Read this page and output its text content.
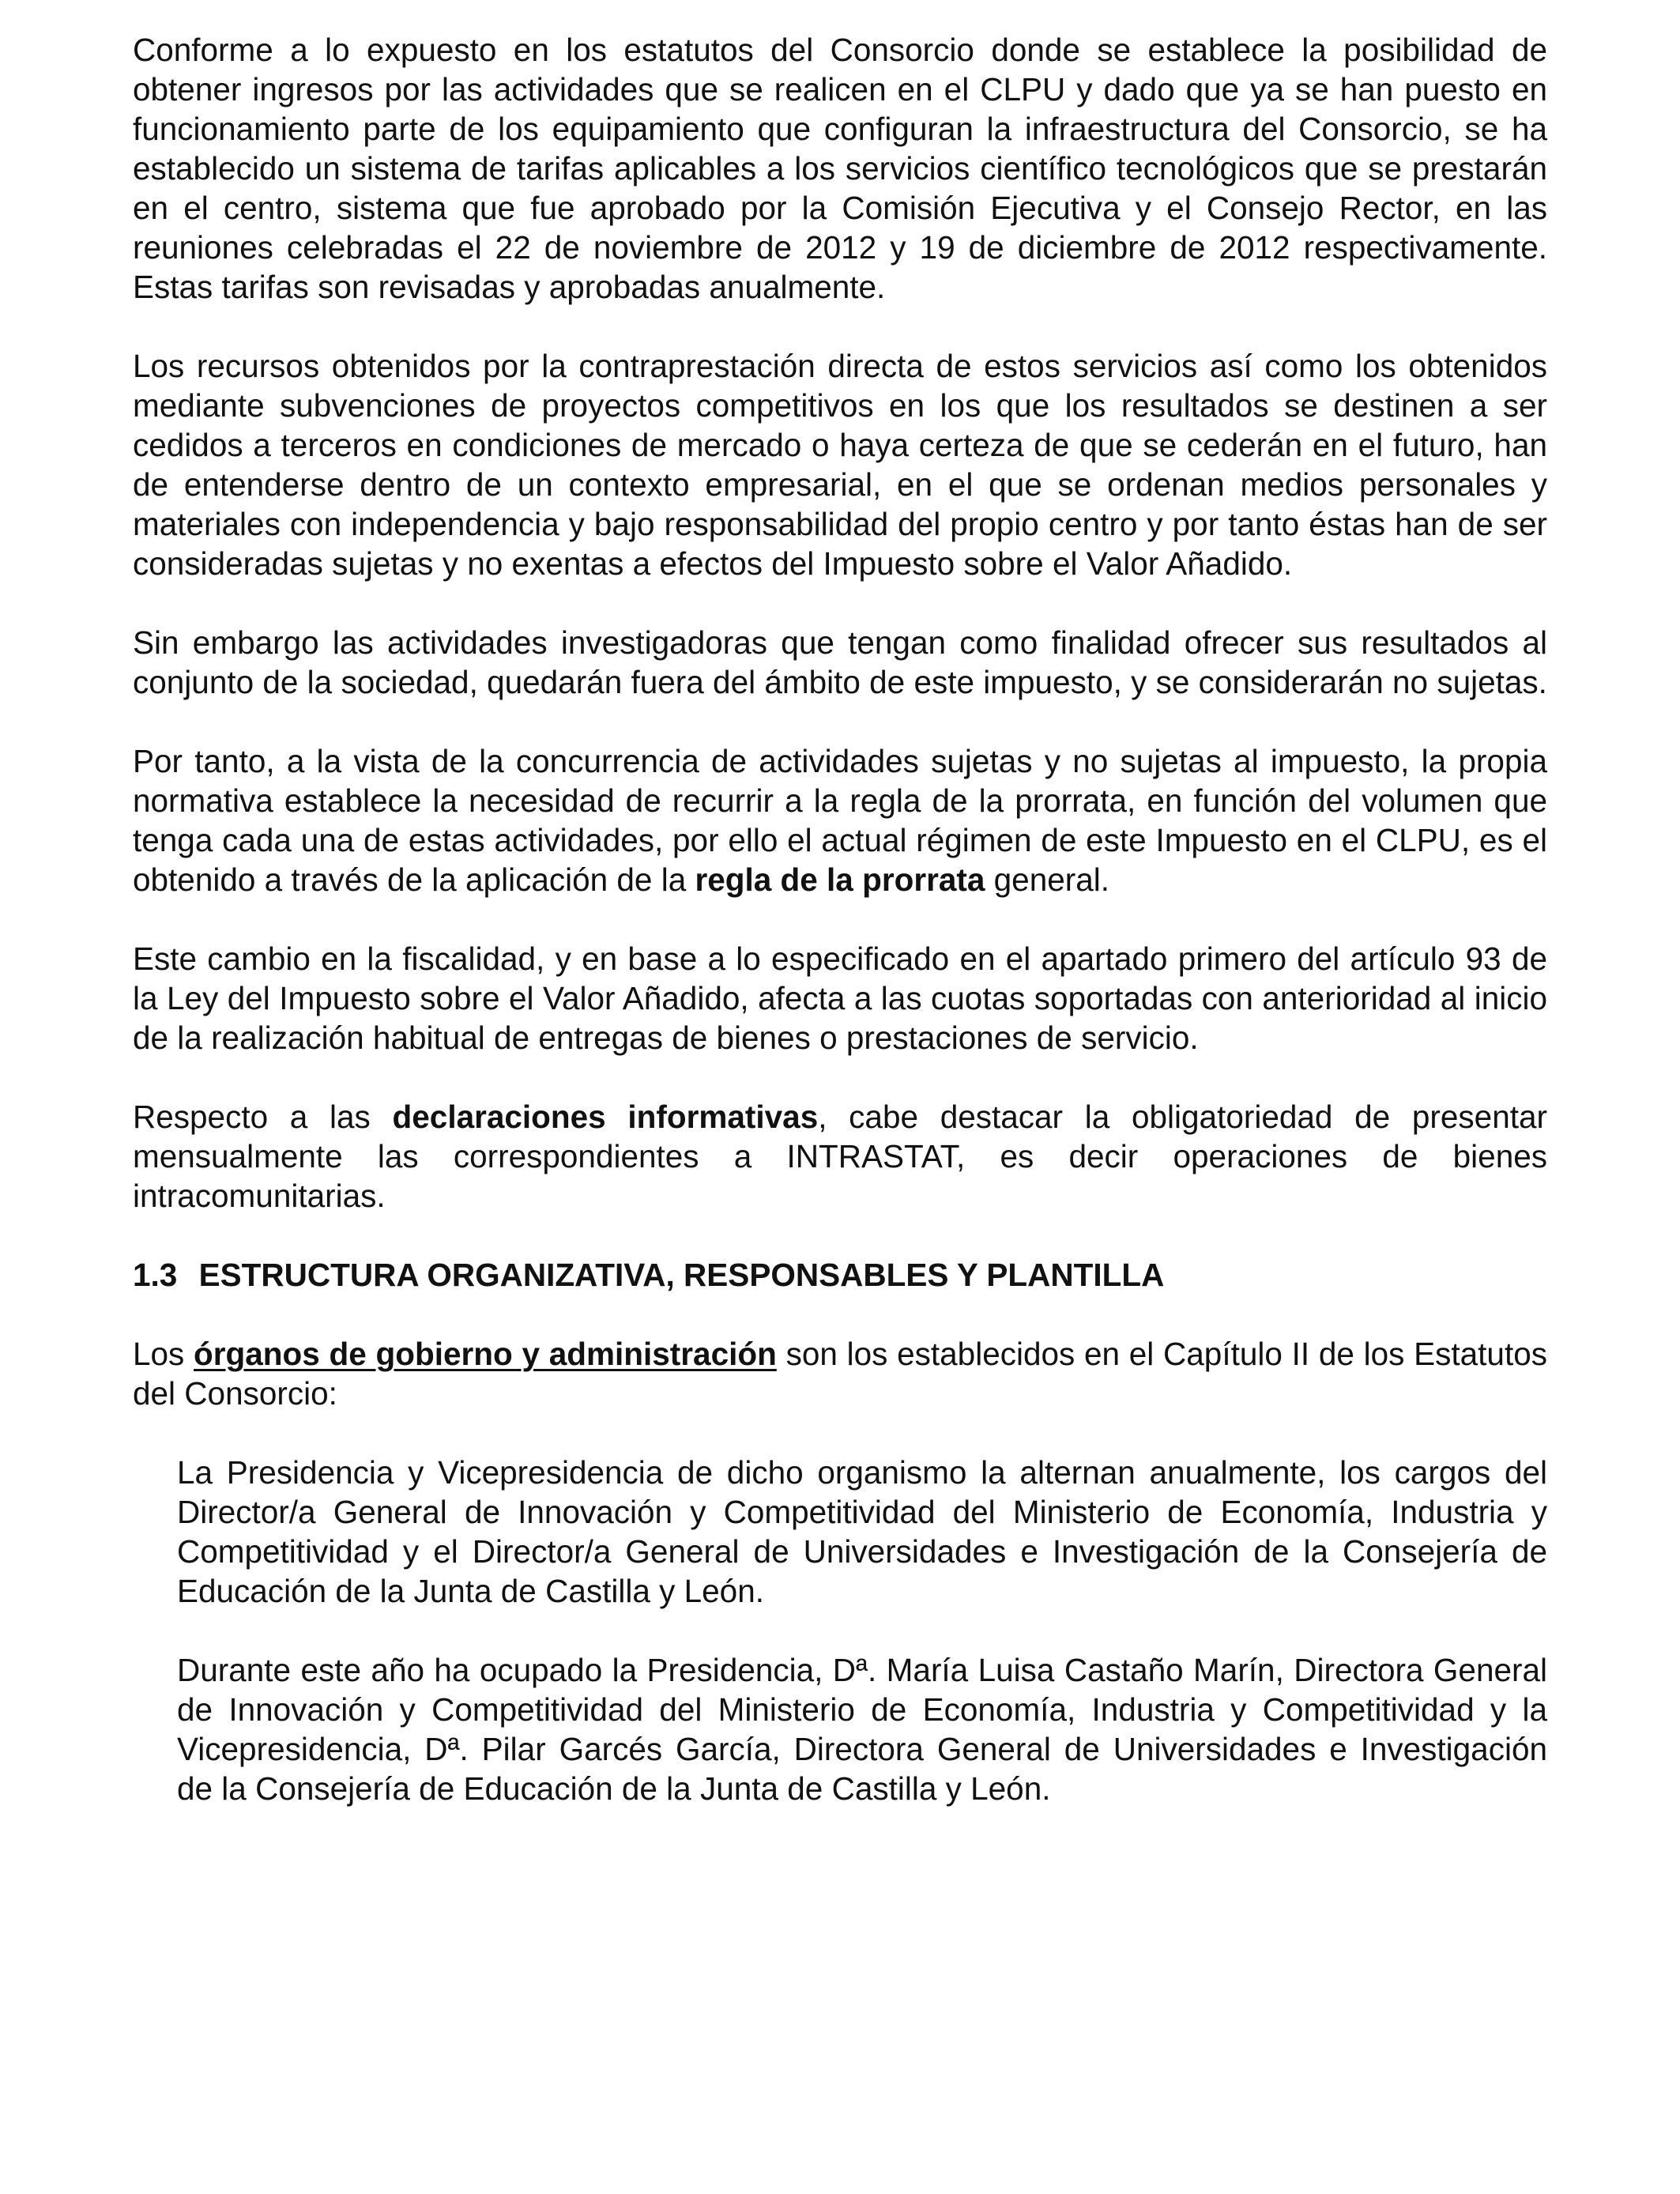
Conforme a lo expuesto en los estatutos del Consorcio donde se establece la posibilidad de obtener ingresos por las actividades que se realicen en el CLPU y dado que ya se han puesto en funcionamiento parte de los equipamiento que configuran la infraestructura del Consorcio, se ha establecido un sistema de tarifas aplicables a los servicios científico tecnológicos que se prestarán en el centro, sistema que fue aprobado por la Comisión Ejecutiva y el Consejo Rector, en las reuniones celebradas el 22 de noviembre de 2012 y 19 de diciembre de 2012 respectivamente. Estas tarifas son revisadas y aprobadas anualmente.

Los recursos obtenidos por la contraprestación directa de estos servicios así como los obtenidos mediante subvenciones de proyectos competitivos en los que los resultados se destinen a ser cedidos a terceros en condiciones de mercado o haya certeza de que se cederán en el futuro, han de entenderse dentro de un contexto empresarial, en el que se ordenan medios personales y materiales con independencia y bajo responsabilidad del propio centro y por tanto éstas han de ser consideradas sujetas y no exentas a efectos del Impuesto sobre el Valor Añadido.

Sin embargo las actividades investigadoras que tengan como finalidad ofrecer sus resultados al conjunto de la sociedad, quedarán fuera del ámbito de este impuesto, y se considerarán no sujetas.

Por tanto, a la vista de la concurrencia de actividades sujetas y no sujetas al impuesto, la propia normativa establece la necesidad de recurrir a la regla de la prorrata, en función del volumen que tenga cada una de estas actividades, por ello el actual régimen de este Impuesto en el CLPU, es el obtenido a través de la aplicación de la regla de la prorrata general.

Este cambio en la fiscalidad, y en base a lo especificado en el apartado primero del artículo 93 de la Ley del Impuesto sobre el Valor Añadido, afecta a las cuotas soportadas con anterioridad al inicio de la realización habitual de entregas de bienes o prestaciones de servicio.

Respecto a las declaraciones informativas, cabe destacar la obligatoriedad de presentar mensualmente las correspondientes a INTRASTAT, es decir operaciones de bienes intracomunitarias.

1.3 ESTRUCTURA ORGANIZATIVA, RESPONSABLES Y PLANTILLA

Los órganos de gobierno y administración son los establecidos en el Capítulo II de los Estatutos del Consorcio:

La Presidencia y Vicepresidencia de dicho organismo la alternan anualmente, los cargos del Director/a General de Innovación y Competitividad del Ministerio de Economía, Industria y Competitividad y el Director/a General de Universidades e Investigación de la Consejería de Educación de la Junta de Castilla y León.

Durante este año ha ocupado la Presidencia, Dª. María Luisa Castaño Marín, Directora General de Innovación y Competitividad del Ministerio de Economía, Industria y Competitividad y la Vicepresidencia, Dª. Pilar Garcés García, Directora General de Universidades e Investigación de la Consejería de Educación de la Junta de Castilla y León.
